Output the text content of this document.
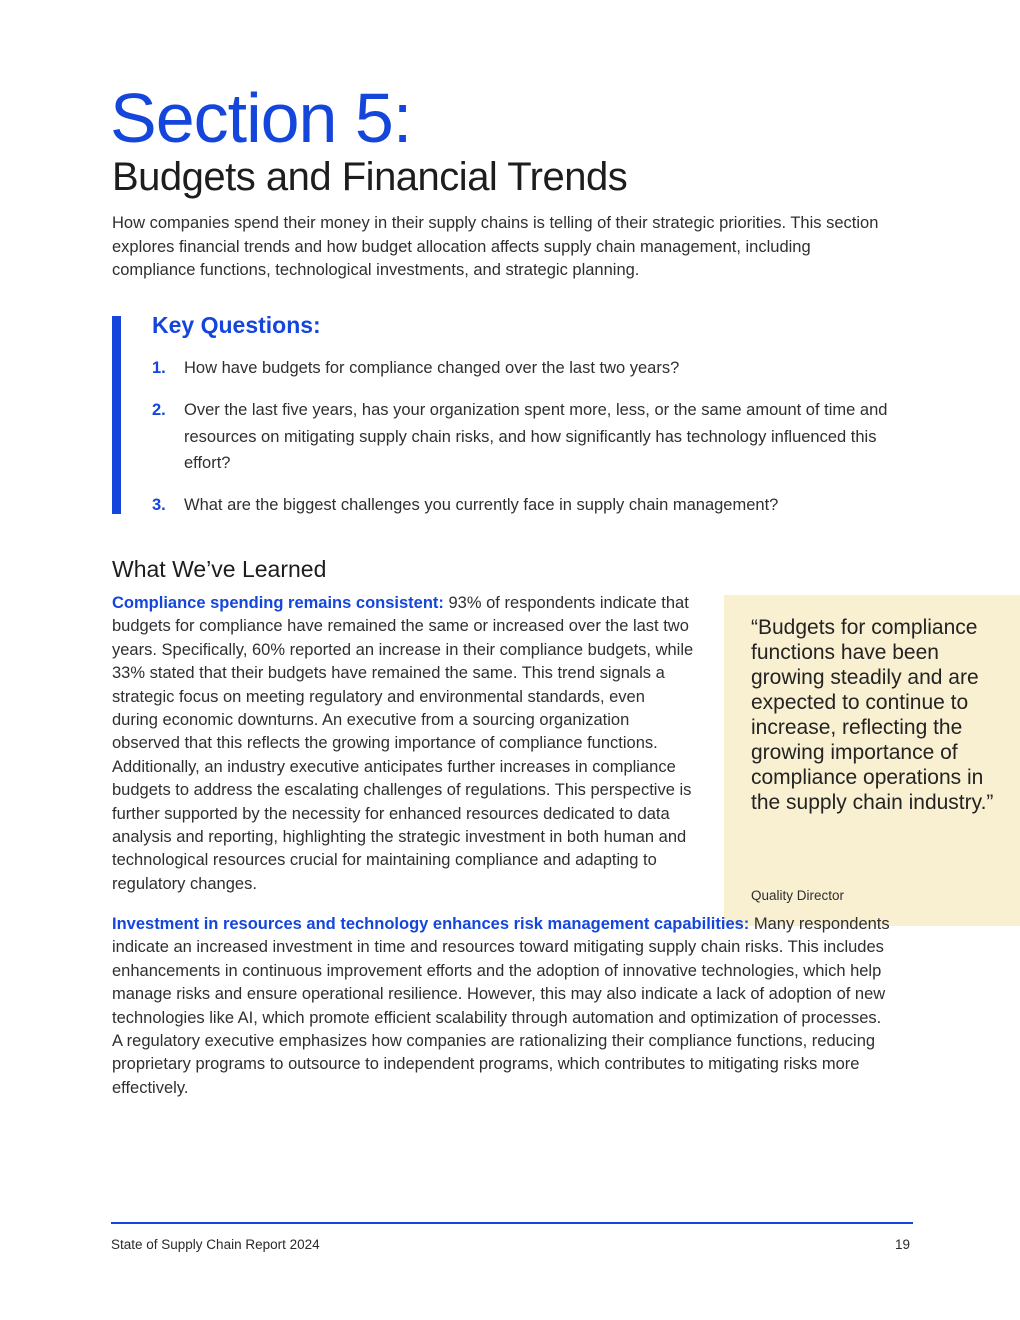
Section 5:
Budgets and Financial Trends

How companies spend their money in their supply chains is telling of their strategic priorities. This section explores financial trends and how budget allocation affects supply chain management, including compliance functions, technological investments, and strategic planning.

Key Questions:
1. How have budgets for compliance changed over the last two years?

2. Over the last five years, has your organization spent more, less, or the same amount of time and resources on mitigating supply chain risks, and how significantly has technology influenced this effort?

3. What are the biggest challenges you currently face in supply chain management?

What We’ve Learned

Compliance spending remains consistent: 93% of respondents indicate that budgets for compliance have remained the same or increased over the last two years. Specifically, 60% reported an increase in their compliance budgets, while 33% stated that their budgets have remained the same. This trend signals a strategic focus on meeting regulatory and environmental standards, even during economic downturns. An executive from a sourcing organization observed that this reflects the growing importance of compliance functions. Additionally, an industry executive anticipates further increases in compliance budgets to address the escalating challenges of regulations. This perspective is further supported by the necessity for enhanced resources dedicated to data analysis and reporting, highlighting the strategic investment in both human and technological resources crucial for maintaining compliance and adapting to regulatory changes.

“Budgets for compliance functions have been growing steadily and are expected to continue to increase, reflecting the growing importance of compliance operations in the supply chain industry.”

Quality Director

Investment in resources and technology enhances risk management capabilities: Many respondents indicate an increased investment in time and resources toward mitigating supply chain risks. This includes enhancements in continuous improvement efforts and the adoption of innovative technologies, which help manage risks and ensure operational resilience. However, this may also indicate a lack of adoption of new technologies like AI, which promote efficient scalability through automation and optimization of processes. A regulatory executive emphasizes how companies are rationalizing their compliance functions, reducing proprietary programs to outsource to independent programs, which contributes to mitigating risks more effectively.

State of Supply Chain Report 2024	19
